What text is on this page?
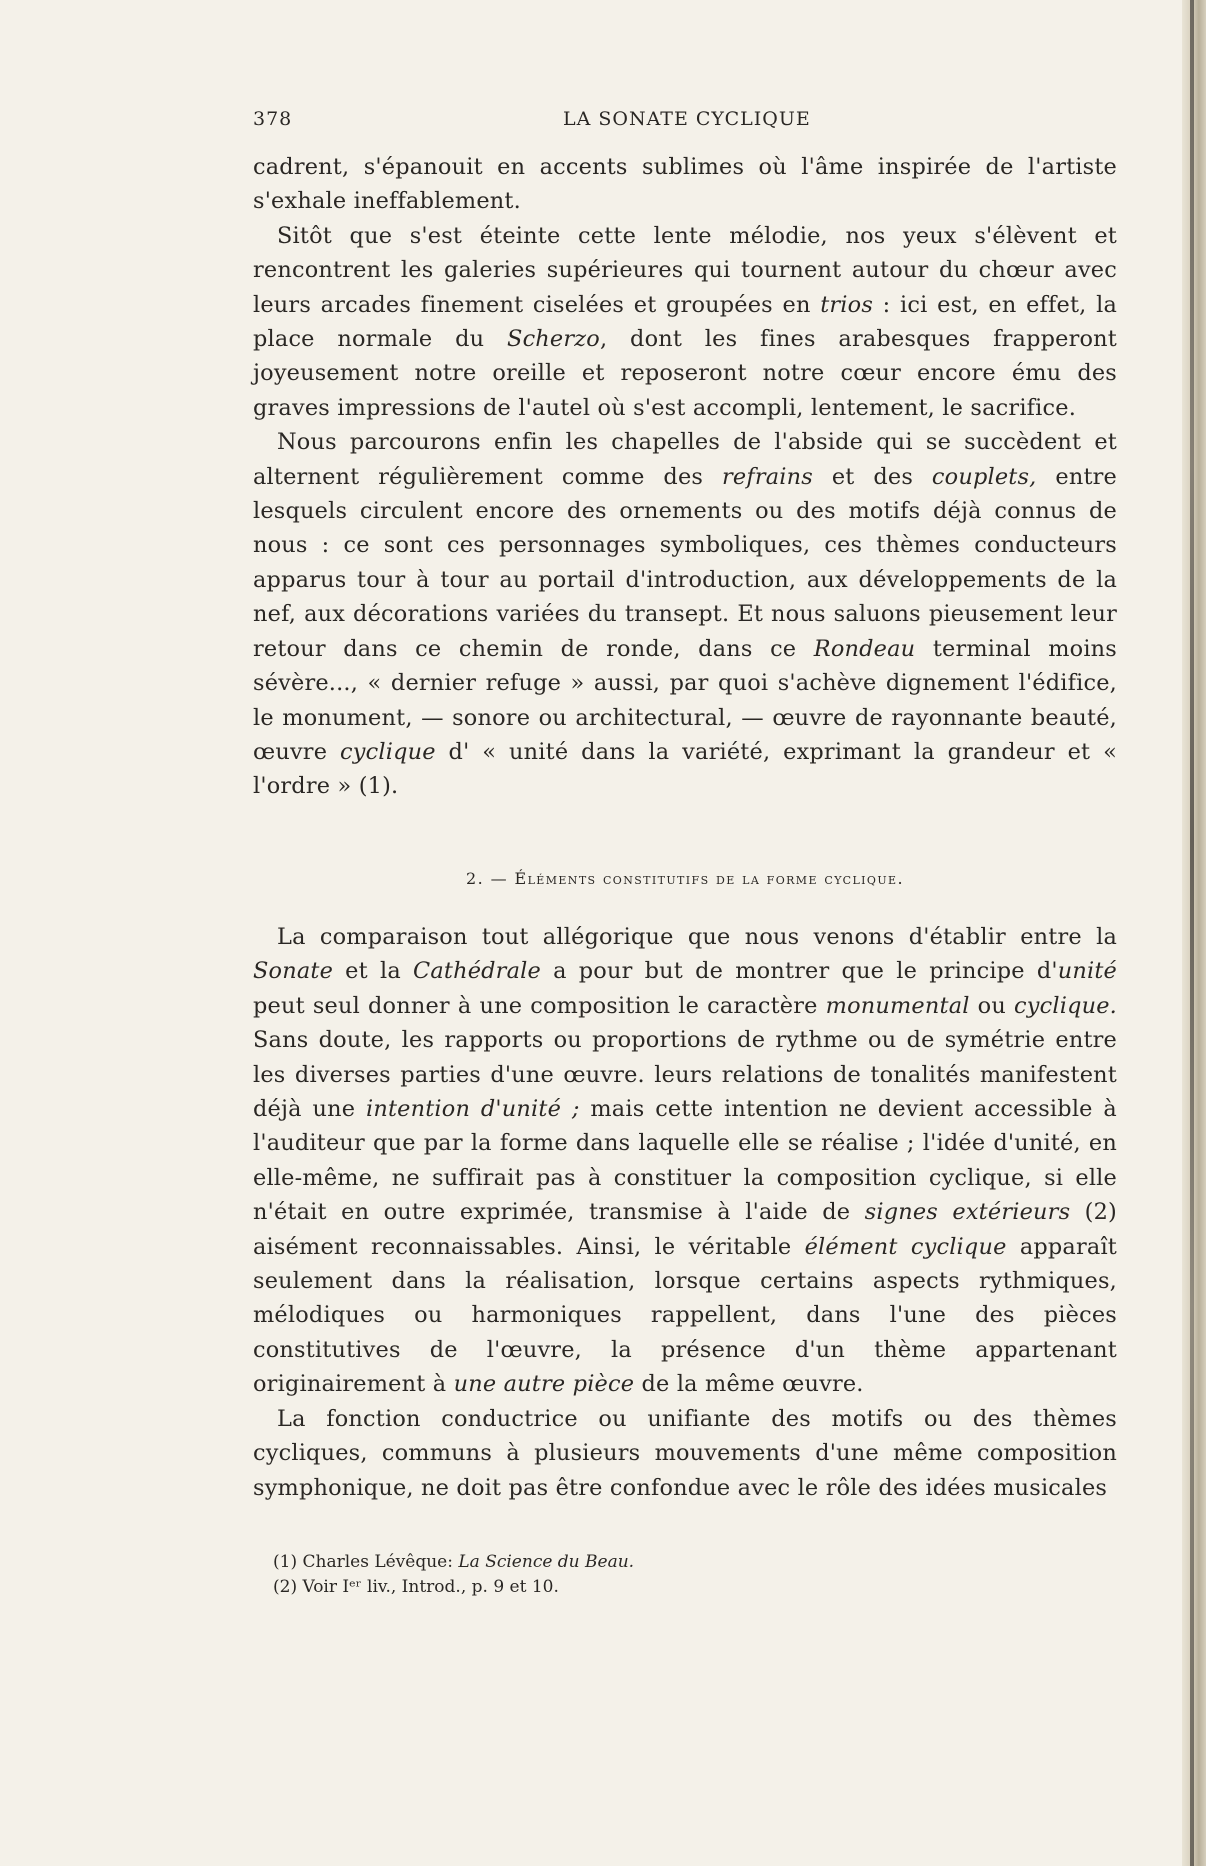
378	LA SONATE CYCLIQUE

cadrent, s'épanouit en accents sublimes où l'âme inspirée de l'artiste s'exhale ineffablement.

Sitôt que s'est éteinte cette lente mélodie, nos yeux s'élèvent et rencontrent les galeries supérieures qui tournent autour du chœur avec leurs arcades finement ciselées et groupées en trios : ici est, en effet, la place normale du Scherzo, dont les fines arabesques frapperont joyeusement notre oreille et reposeront notre cœur encore ému des graves impressions de l'autel où s'est accompli, lentement, le sacrifice.

Nous parcourons enfin les chapelles de l'abside qui se succèdent et alternent régulièrement comme des refrains et des couplets, entre lesquels circulent encore des ornements ou des motifs déjà connus de nous : ce sont ces personnages symboliques, ces thèmes conducteurs apparus tour à tour au portail d'introduction, aux développements de la nef, aux décorations variées du transept. Et nous saluons pieusement leur retour dans ce chemin de ronde, dans ce Rondeau terminal moins sévère..., « dernier refuge » aussi, par quoi s'achève dignement l'édifice, le monument, — sonore ou architectural, — œuvre de rayonnante beauté, œuvre cyclique d' « unité dans la variété, exprimant la grandeur et « l'ordre » (1).

2. — Éléments constitutifs de la forme cyclique.

La comparaison tout allégorique que nous venons d'établir entre la Sonate et la Cathédrale a pour but de montrer que le principe d'unité peut seul donner à une composition le caractère monumental ou cyclique. Sans doute, les rapports ou proportions de rythme ou de symétrie entre les diverses parties d'une œuvre. leurs relations de tonalités manifestent déjà une intention d'unité ; mais cette intention ne devient accessible à l'auditeur que par la forme dans laquelle elle se réalise ; l'idée d'unité, en elle-même, ne suffirait pas à constituer la composition cyclique, si elle n'était en outre exprimée, transmise à l'aide de signes extérieurs (2) aisément reconnaissables. Ainsi, le véritable élément cyclique apparaît seulement dans la réalisation, lorsque certains aspects rythmiques, mélodiques ou harmoniques rappellent, dans l'une des pièces constitutives de l'œuvre, la présence d'un thème appartenant originairement à une autre pièce de la même œuvre.

La fonction conductrice ou unifiante des motifs ou des thèmes cycliques, communs à plusieurs mouvements d'une même composition symphonique, ne doit pas être confondue avec le rôle des idées musicales

(1) Charles Lévêque: La Science du Beau.

(2) Voir Iᵉʳ liv., Introd., p. 9 et 10.
